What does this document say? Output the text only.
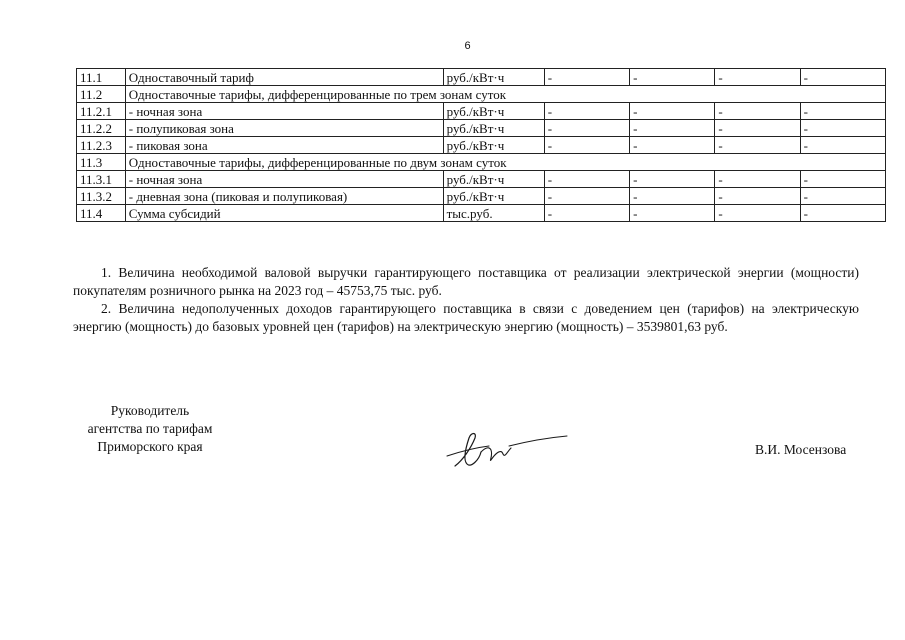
6
11.1	Одноставочный тариф	руб./кВт·ч	-	-	-	-
11.2	Одноставочные тарифы, дифференцированные по трем зонам суток					
11.2.1	- ночная зона	руб./кВт·ч	-	-	-	-
11.2.2	- полупиковая зона	руб./кВт·ч	-	-	-	-
11.2.3	- пиковая зона	руб./кВт·ч	-	-	-	-
11.3	Одноставочные тарифы, дифференцированные по двум зонам суток					
11.3.1	- ночная зона	руб./кВт·ч	-	-	-	-
11.3.2	- дневная зона (пиковая и полупиковая)	руб./кВт·ч	-	-	-	-
11.4	Сумма субсидий	тыс.руб.	-	-	-	-

1. Величина необходимой валовой выручки гарантирующего поставщика от реализации электрической энергии (мощности) покупателям розничного рынка на 2023 год – 45753,75 тыс. руб.

2. Величина недополученных доходов гарантирующего поставщика в связи с доведением цен (тарифов) на электрическую энергию (мощность) до базовых уровней цен (тарифов) на электрическую энергию (мощность) – 3539801,63 руб.

Руководитель
агентства по тарифам
Приморского края	В.И. Мосензова
